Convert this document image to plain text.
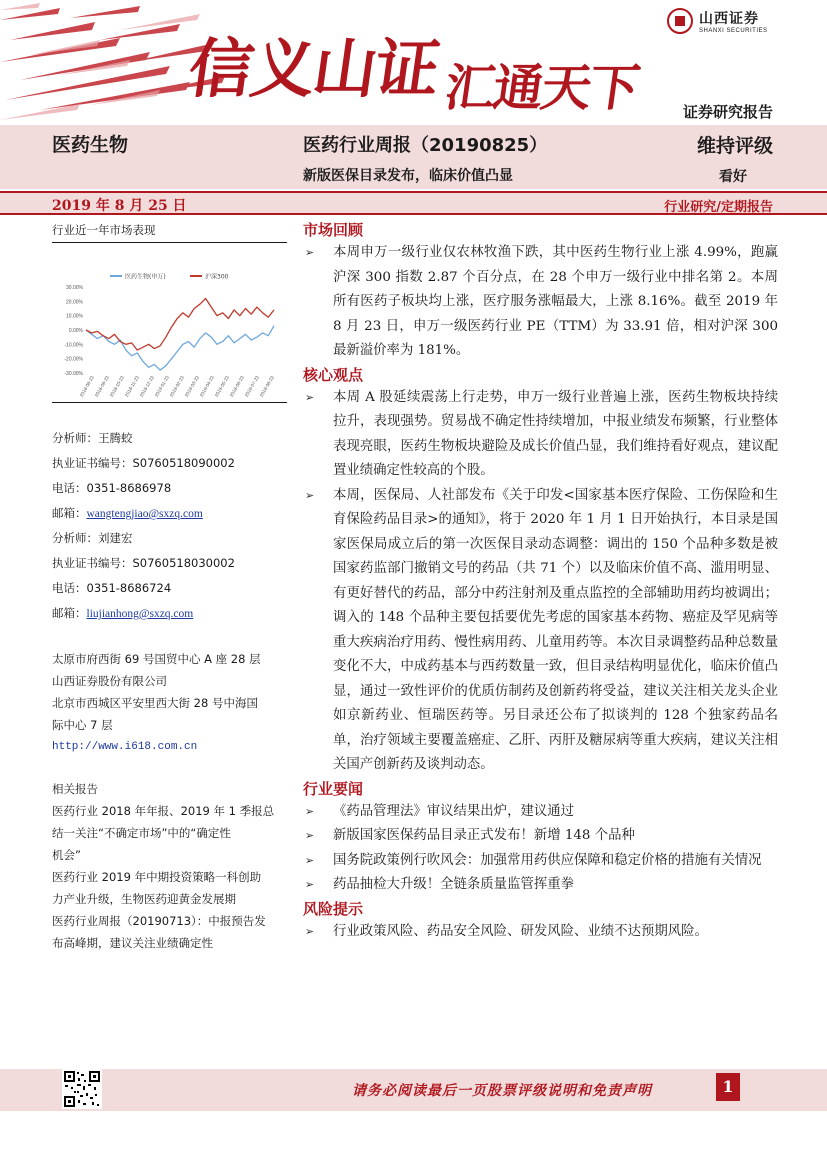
信义山证汇通天下
山西证券
SHANXI SECURITIES
证券研究报告
医药生物	医药行业周报（20190825）
新版医保目录发布，临床价值凸显
维持评级
看好
2019 年 8 月 25 日	行业研究/定期报告
行业近一年市场表现
医药生物(申万)	沪深300
30.00%
20.00%
10.00%
0.00%
-10.00%
-20.00%
-30.00%
2018-08-23
2018-09-23
2018-10-23 2018-11-23
2018-12-23
2019-01-23
2019-02-23
2019-03-23
2019-04-23
2019-05-23
2019-06-23
2019-07-23
2019-08-23
分析师：王腾蛟
执业证书编号：S0760518090002
电话：0351-8686978
邮箱：wangtengjiao@sxzq.com
分析师：刘建宏
执业证书编号：S0760518030002
电话：0351-8686724
邮箱：liujianhong@sxzq.com
太原市府西街 69 号国贸中心 A 座 28 层
山西证券股份有限公司
北京市西城区平安里西大街 28 号中海国
际中心 7 层
http://www.i618.com.cn
相关报告
医药行业 2018 年年报、2019 年 1 季报总
结一关注“不确定市场”中的“确定性
机会”
医药行业 2019 年中期投资策略一科创助
力产业升级，生物医药迎黄金发展期
医药行业周报（20190713）：中报预告发
布高峰期，建议关注业绩确定性
市场回顾
➢ 本周申万一级行业仅农林牧渔下跌，其中医药生物行业上涨 4.99%，跑赢沪深 300 指数 2.87 个百分点，在 28 个申万一级行业中排名第 2。本周所有医药子板块均上涨，医疗服务涨幅最大，上涨 8.16%。截至 2019 年 8 月 23 日，申万一级医药行业 PE（TTM）为 33.91 倍，相对沪深 300 最新溢价率为 181%。

核心观点
➢ 本周 A 股延续震荡上行走势，申万一级行业普遍上涨，医药生物板块持续拉升，表现强势。贸易战不确定性持续增加，中报业绩发布频繁，行业整体表现亮眼，医药生物板块避险及成长价值凸显，我们维持看好观点，建议配置业绩确定性较高的个股。

➢ 本周，医保局、人社部发布《关于印发<国家基本医疗保险、工伤保险和生育保险药品目录>的通知》，将于 2020 年 1 月 1 日开始执行，本目录是国家医保局成立后的第一次医保目录动态调整：调出的 150 个品种多数是被国家药监部门撤销文号的药品（共 71 个）以及临床价值不高、滥用明显、有更好替代的药品，部分中药注射剂及重点监控的全部辅助用药均被调出；调入的 148 个品种主要包括要优先考虑的国家基本药物、癌症及罕见病等重大疾病治疗用药、慢性病用药、儿童用药等。本次目录调整药品种总数量变化不大，中成药基本与西药数量一致，但目录结构明显优化，临床价值凸显，通过一致性评价的优质仿制药及创新药将受益，建议关注相关龙头企业如京新药业、恒瑞医药等。另目录还公布了拟谈判的 128 个独家药品名单，治疗领域主要覆盖癌症、乙肝、丙肝及糖尿病等重大疾病，建议关注相关国产创新药及谈判动态。

行业要闻
➢ 《药品管理法》审议结果出炉，建议通过

➢ 新版国家医保药品目录正式发布！新增 148 个品种

➢ 国务院政策例行吹风会：加强常用药供应保障和稳定价格的措施有关情况

➢ 药品抽检大升级！全链条质量监管挥重拳

风险提示
➢ 行业政策风险、药品安全风险、研发风险、业绩不达预期风险。

请务必阅读最后一页股票评级说明和免责声明	1
